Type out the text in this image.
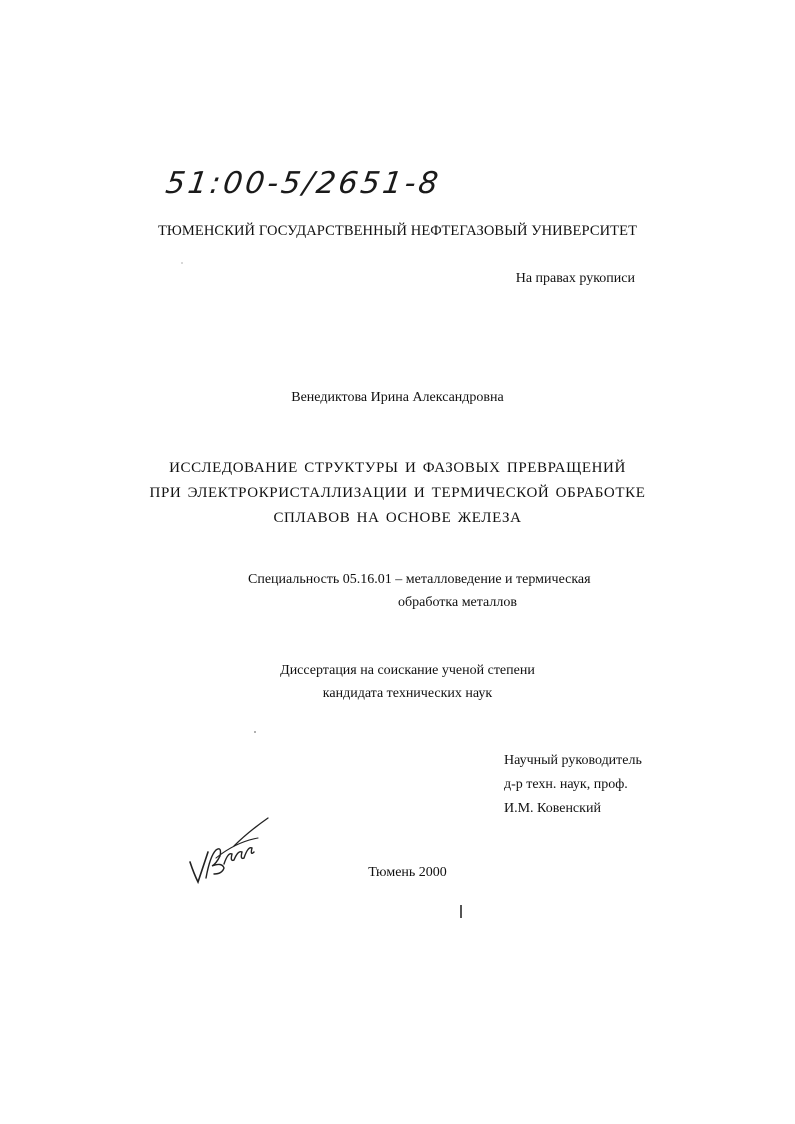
51:00-5/2651-8
ТЮМЕНСКИЙ ГОСУДАРСТВЕННЫЙ НЕФТЕГАЗОВЫЙ УНИВЕРСИТЕТ
На правах рукописи
Венедиктова Ирина Александровна
ИССЛЕДОВАНИЕ СТРУКТУРЫ И ФАЗОВЫХ ПРЕВРАЩЕНИЙ
ПРИ ЭЛЕКТРОКРИСТАЛЛИЗАЦИИ И ТЕРМИЧЕСКОЙ ОБРАБОТКЕ
СПЛАВОВ НА ОСНОВЕ ЖЕЛЕЗА
Специальность 05.16.01 – металловедение и термическая
обработка металлов
Диссертация на соискание ученой степени
кандидата технических наук
Научный руководитель
д-р техн. наук, проф.
И.М. Ковенский
Тюмень 2000
